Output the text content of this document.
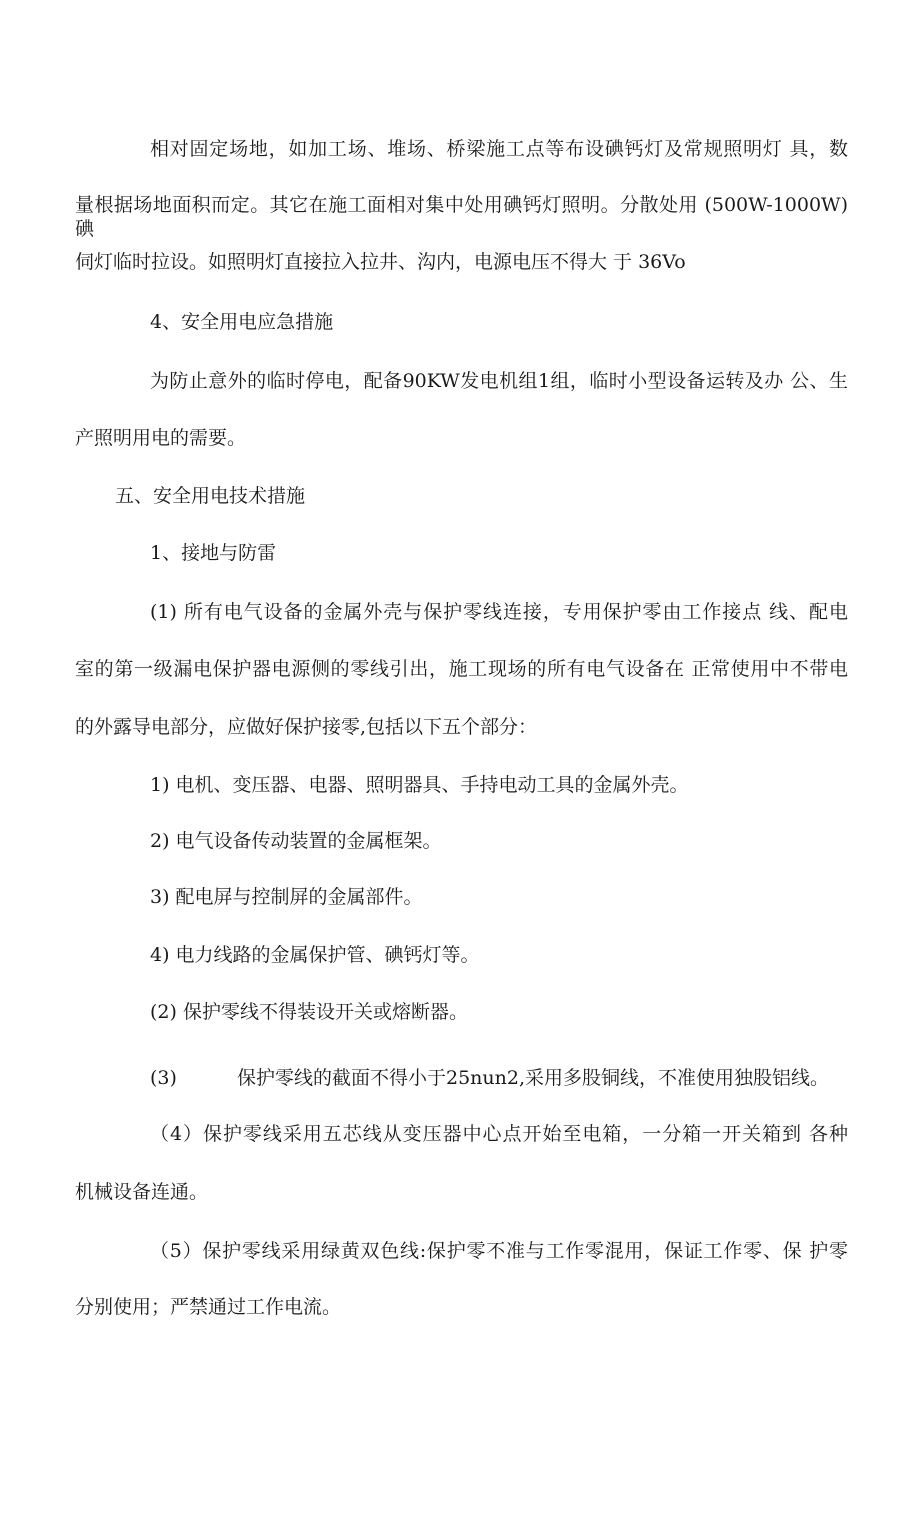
相对固定场地，如加工场、堆场、桥梁施工点等布设碘钙灯及常规照明灯 具，数

量根据场地面积而定。其它在施工面相对集中处用碘钙灯照明。分散处用 (500W-1000W)碘

伺灯临时拉设。如照明灯直接拉入拉井、沟内，电源电压不得大 于 36Vo

4、安全用电应急措施

为防止意外的临时停电，配备90KW发电机组1组，临时小型设备运转及办 公、生

产照明用电的需要。

五、安全用电技术措施

1、接地与防雷

(1) 所有电气设备的金属外壳与保护零线连接，专用保护零由工作接点 线、配电

室的第一级漏电保护器电源侧的零线引出，施工现场的所有电气设备在 正常使用中不带电

的外露导电部分，应做好保护接零,包括以下五个部分：

1) 电机、变压器、电器、照明器具、手持电动工具的金属外壳。

2) 电气设备传动装置的金属框架。

3) 配电屏与控制屏的金属部件。

4) 电力线路的金属保护管、碘钙灯等。

(2) 保护零线不得装设开关或熔断器。

(3)	保护零线的截面不得小于25nun2,采用多股铜线，不准使用独股铝线。

（4）保护零线采用五芯线从变压器中心点开始至电箱，一分箱一开关箱到 各种

机械设备连通。

（5）保护零线采用绿黄双色线:保护零不准与工作零混用，保证工作零、保 护零

分别使用；严禁通过工作电流。
